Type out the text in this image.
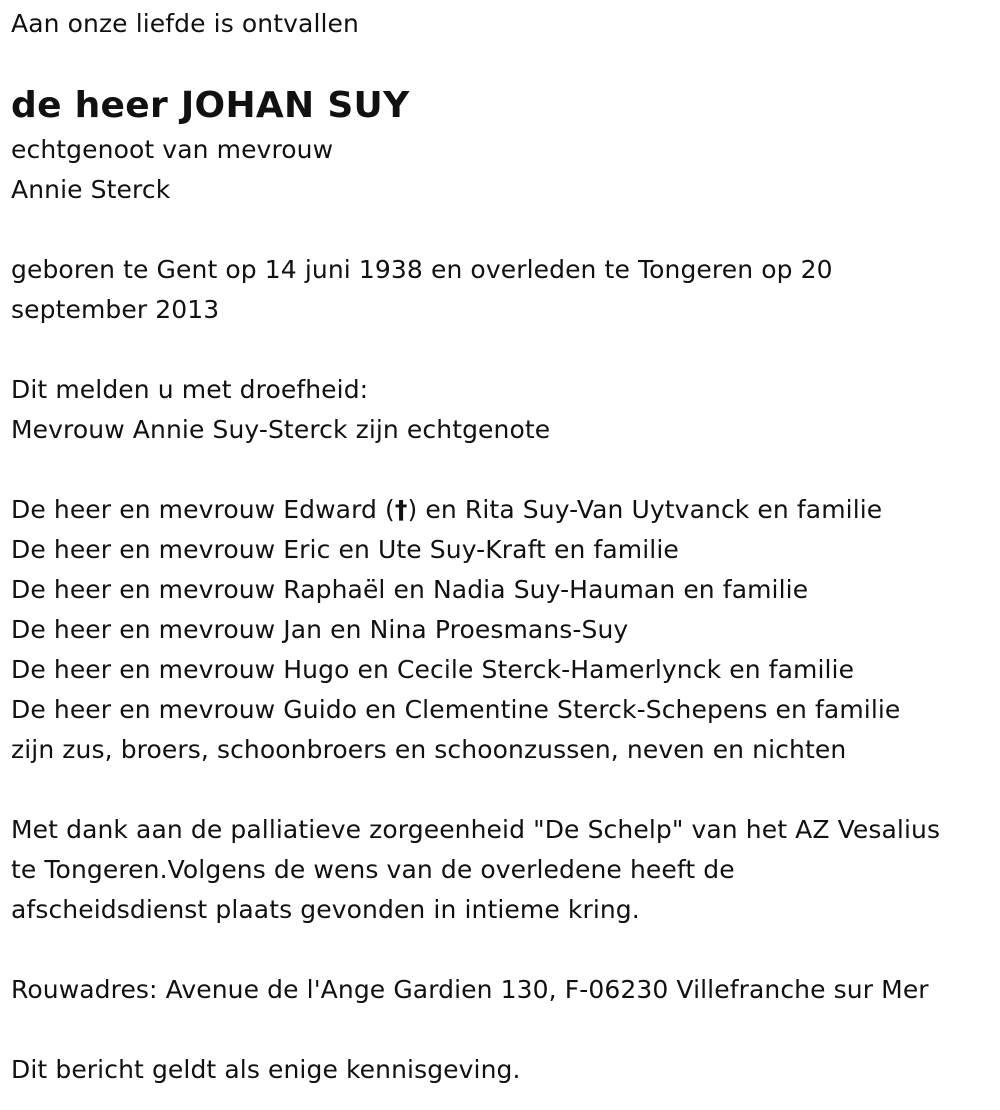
Aan onze liefde is ontvallen
de heer JOHAN SUY
echtgenoot van mevrouw
Annie Sterck
geboren te Gent op 14 juni 1938 en overleden te Tongeren op 20
september 2013
Dit melden u met droefheid:
Mevrouw Annie Suy-Sterck zijn echtgenote
De heer en mevrouw Edward (†) en Rita Suy-Van Uytvanck en familie
De heer en mevrouw Eric en Ute Suy-Kraft en familie
De heer en mevrouw Raphaël en Nadia Suy-Hauman en familie
De heer en mevrouw Jan en Nina Proesmans-Suy
De heer en mevrouw Hugo en Cecile Sterck-Hamerlynck en familie
De heer en mevrouw Guido en Clementine Sterck-Schepens en familie
zijn zus, broers, schoonbroers en schoonzussen, neven en nichten
Met dank aan de palliatieve zorgeenheid "De Schelp" van het AZ Vesalius
te Tongeren.Volgens de wens van de overledene heeft de
afscheidsdienst plaats gevonden in intieme kring.
Rouwadres: Avenue de l'Ange Gardien 130, F-06230 Villefranche sur Mer
Dit bericht geldt als enige kennisgeving.
